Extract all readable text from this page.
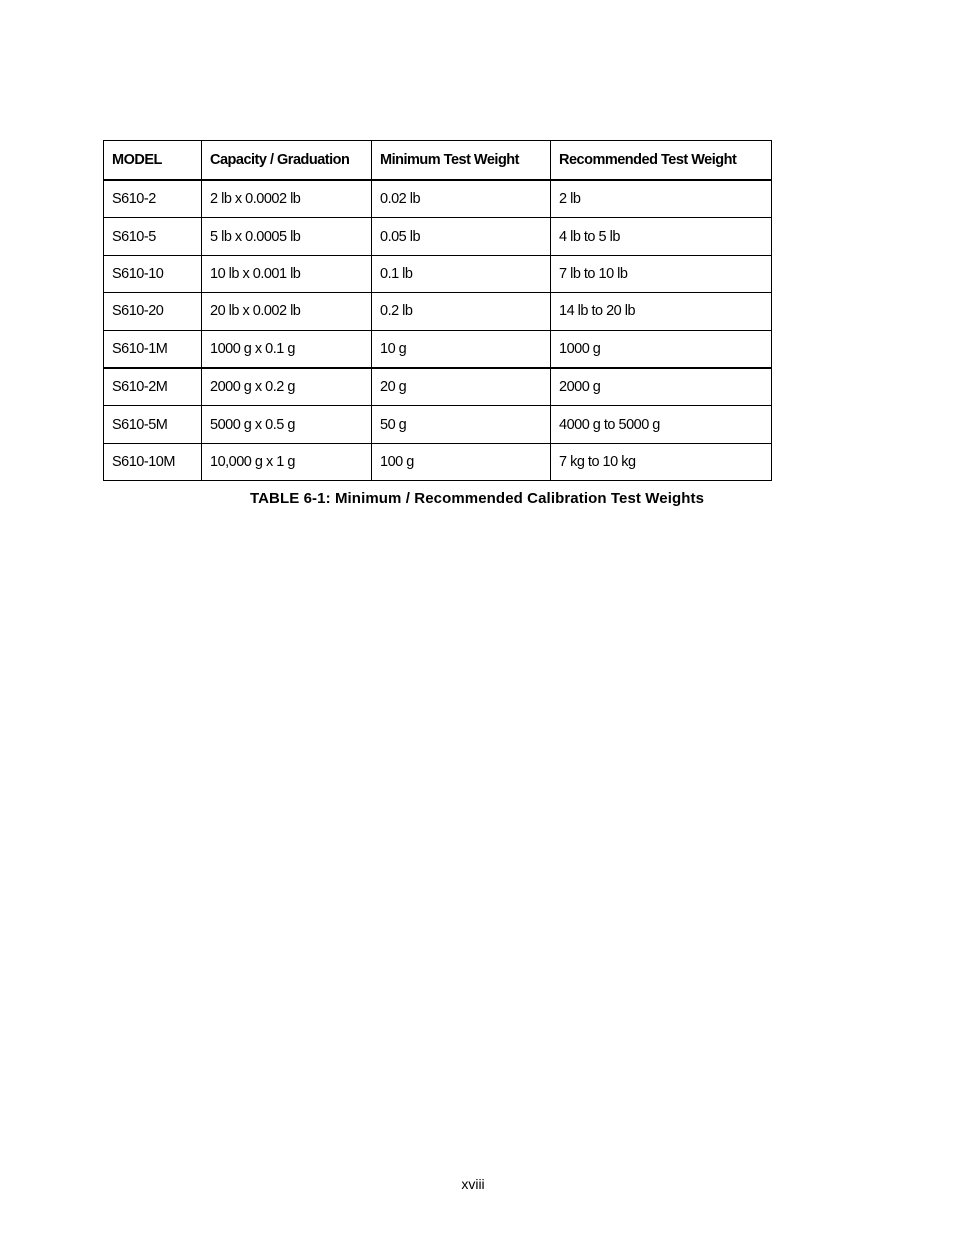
MODEL	Capacity / Graduation	Minimum Test Weight	Recommended Test Weight
S610-2	2 lb x 0.0002 lb	0.02 lb	2 lb
S610-5	5 lb x 0.0005 lb	0.05 lb	4 lb to 5 lb
S610-10	10 lb x 0.001 lb	0.1 lb	7 lb to 10 lb
S610-20	20 lb x 0.002 lb	0.2 lb	14 lb to 20 lb
S610-1M	1000 g x 0.1 g	10 g	1000 g
S610-2M	2000 g x 0.2 g	20 g	2000 g
S610-5M	5000 g x 0.5 g	50 g	4000 g to 5000 g
S610-10M	10,000 g x 1 g	100 g	7 kg to 10 kg
TABLE 6-1: Minimum / Recommended Calibration Test Weights
xviii
